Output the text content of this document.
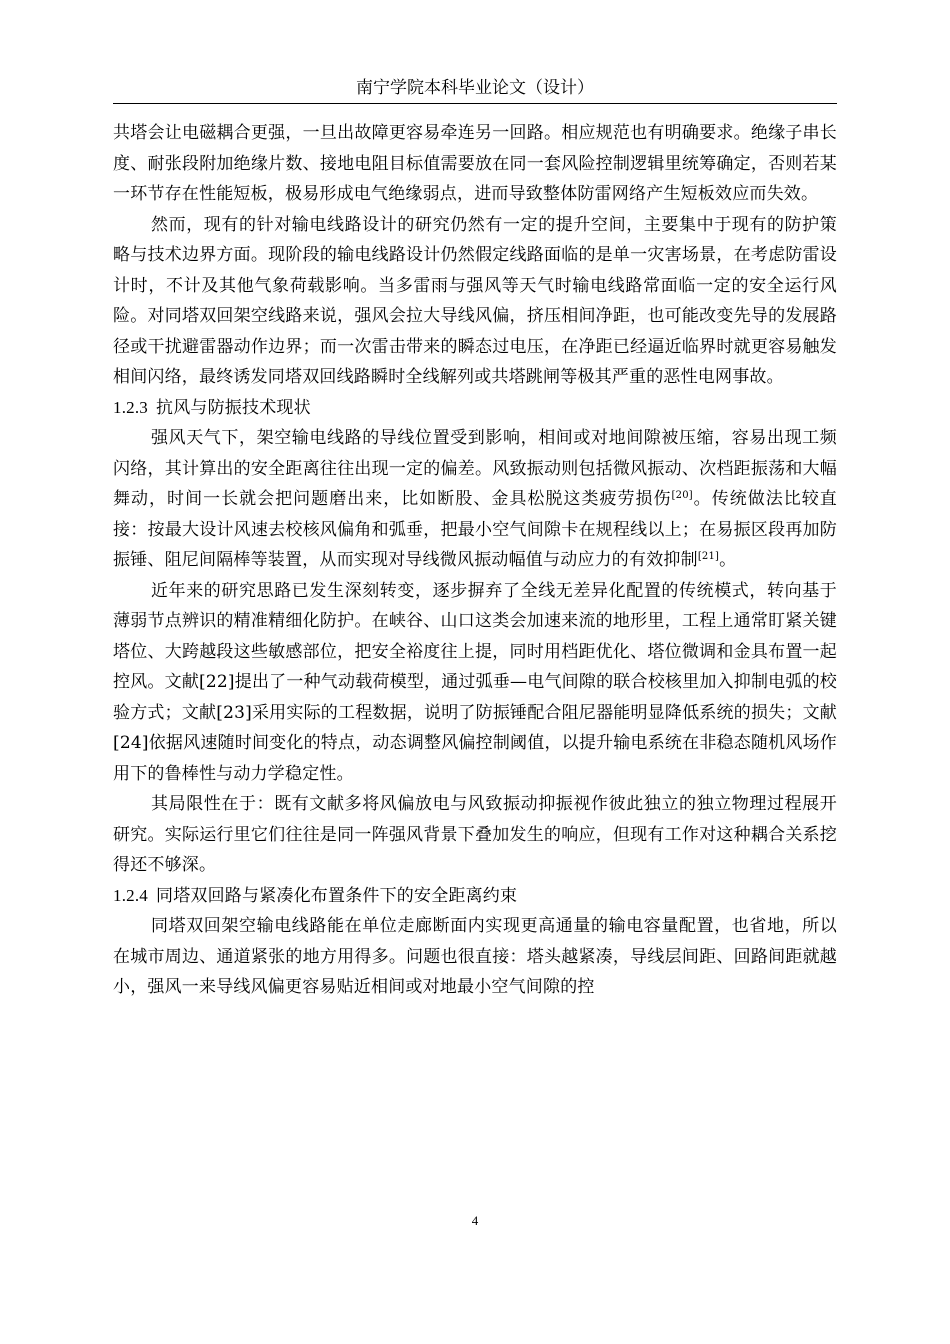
南宁学院本科毕业论文（设计）

共塔会让电磁耦合更强，一旦出故障更容易牵连另一回路。相应规范也有明确要求。绝缘子串长度、耐张段附加绝缘片数、接地电阻目标值需要放在同一套风险控制逻辑里统筹确定，否则若某一环节存在性能短板，极易形成电气绝缘弱点，进而导致整体防雷网络产生短板效应而失效。

然而，现有的针对输电线路设计的研究仍然有一定的提升空间，主要集中于现有的防护策略与技术边界方面。现阶段的输电线路设计仍然假定线路面临的是单一灾害场景，在考虑防雷设计时，不计及其他气象荷载影响。当多雷雨与强风等天气时输电线路常面临一定的安全运行风险。对同塔双回架空线路来说，强风会拉大导线风偏，挤压相间净距，也可能改变先导的发展路径或干扰避雷器动作边界；而一次雷击带来的瞬态过电压，在净距已经逼近临界时就更容易触发相间闪络，最终诱发同塔双回线路瞬时全线解列或共塔跳闸等极其严重的恶性电网事故。

1.2.3 抗风与防振技术现状

强风天气下，架空输电线路的导线位置受到影响，相间或对地间隙被压缩，容易出现工频闪络，其计算出的安全距离往往出现一定的偏差。风致振动则包括微风振动、次档距振荡和大幅舞动，时间一长就会把问题磨出来，比如断股、金具松脱这类疲劳损伤[20]。传统做法比较直接：按最大设计风速去校核风偏角和弧垂，把最小空气间隙卡在规程线以上；在易振区段再加防振锤、阻尼间隔棒等装置，从而实现对导线微风振动幅值与动应力的有效抑制[21]。

近年来的研究思路已发生深刻转变，逐步摒弃了全线无差异化配置的传统模式，转向基于薄弱节点辨识的精准精细化防护。在峡谷、山口这类会加速来流的地形里，工程上通常盯紧关键塔位、大跨越段这些敏感部位，把安全裕度往上提，同时用档距优化、塔位微调和金具布置一起控风。文献[22]提出了一种气动载荷模型，通过弧垂—电气间隙的联合校核里加入抑制电弧的校验方式；文献[23]采用实际的工程数据，说明了防振锤配合阻尼器能明显降低系统的损失；文献[24]依据风速随时间变化的特点，动态调整风偏控制阈值，以提升输电系统在非稳态随机风场作用下的鲁棒性与动力学稳定性。

其局限性在于：既有文献多将风偏放电与风致振动抑振视作彼此独立的独立物理过程展开研究。实际运行里它们往往是同一阵强风背景下叠加发生的响应，但现有工作对这种耦合关系挖得还不够深。

1.2.4 同塔双回路与紧凑化布置条件下的安全距离约束

同塔双回架空输电线路能在单位走廊断面内实现更高通量的输电容量配置，也省地，所以在城市周边、通道紧张的地方用得多。问题也很直接：塔头越紧凑，导线层间距、回路间距就越小，强风一来导线风偏更容易贴近相间或对地最小空气间隙的控

4
